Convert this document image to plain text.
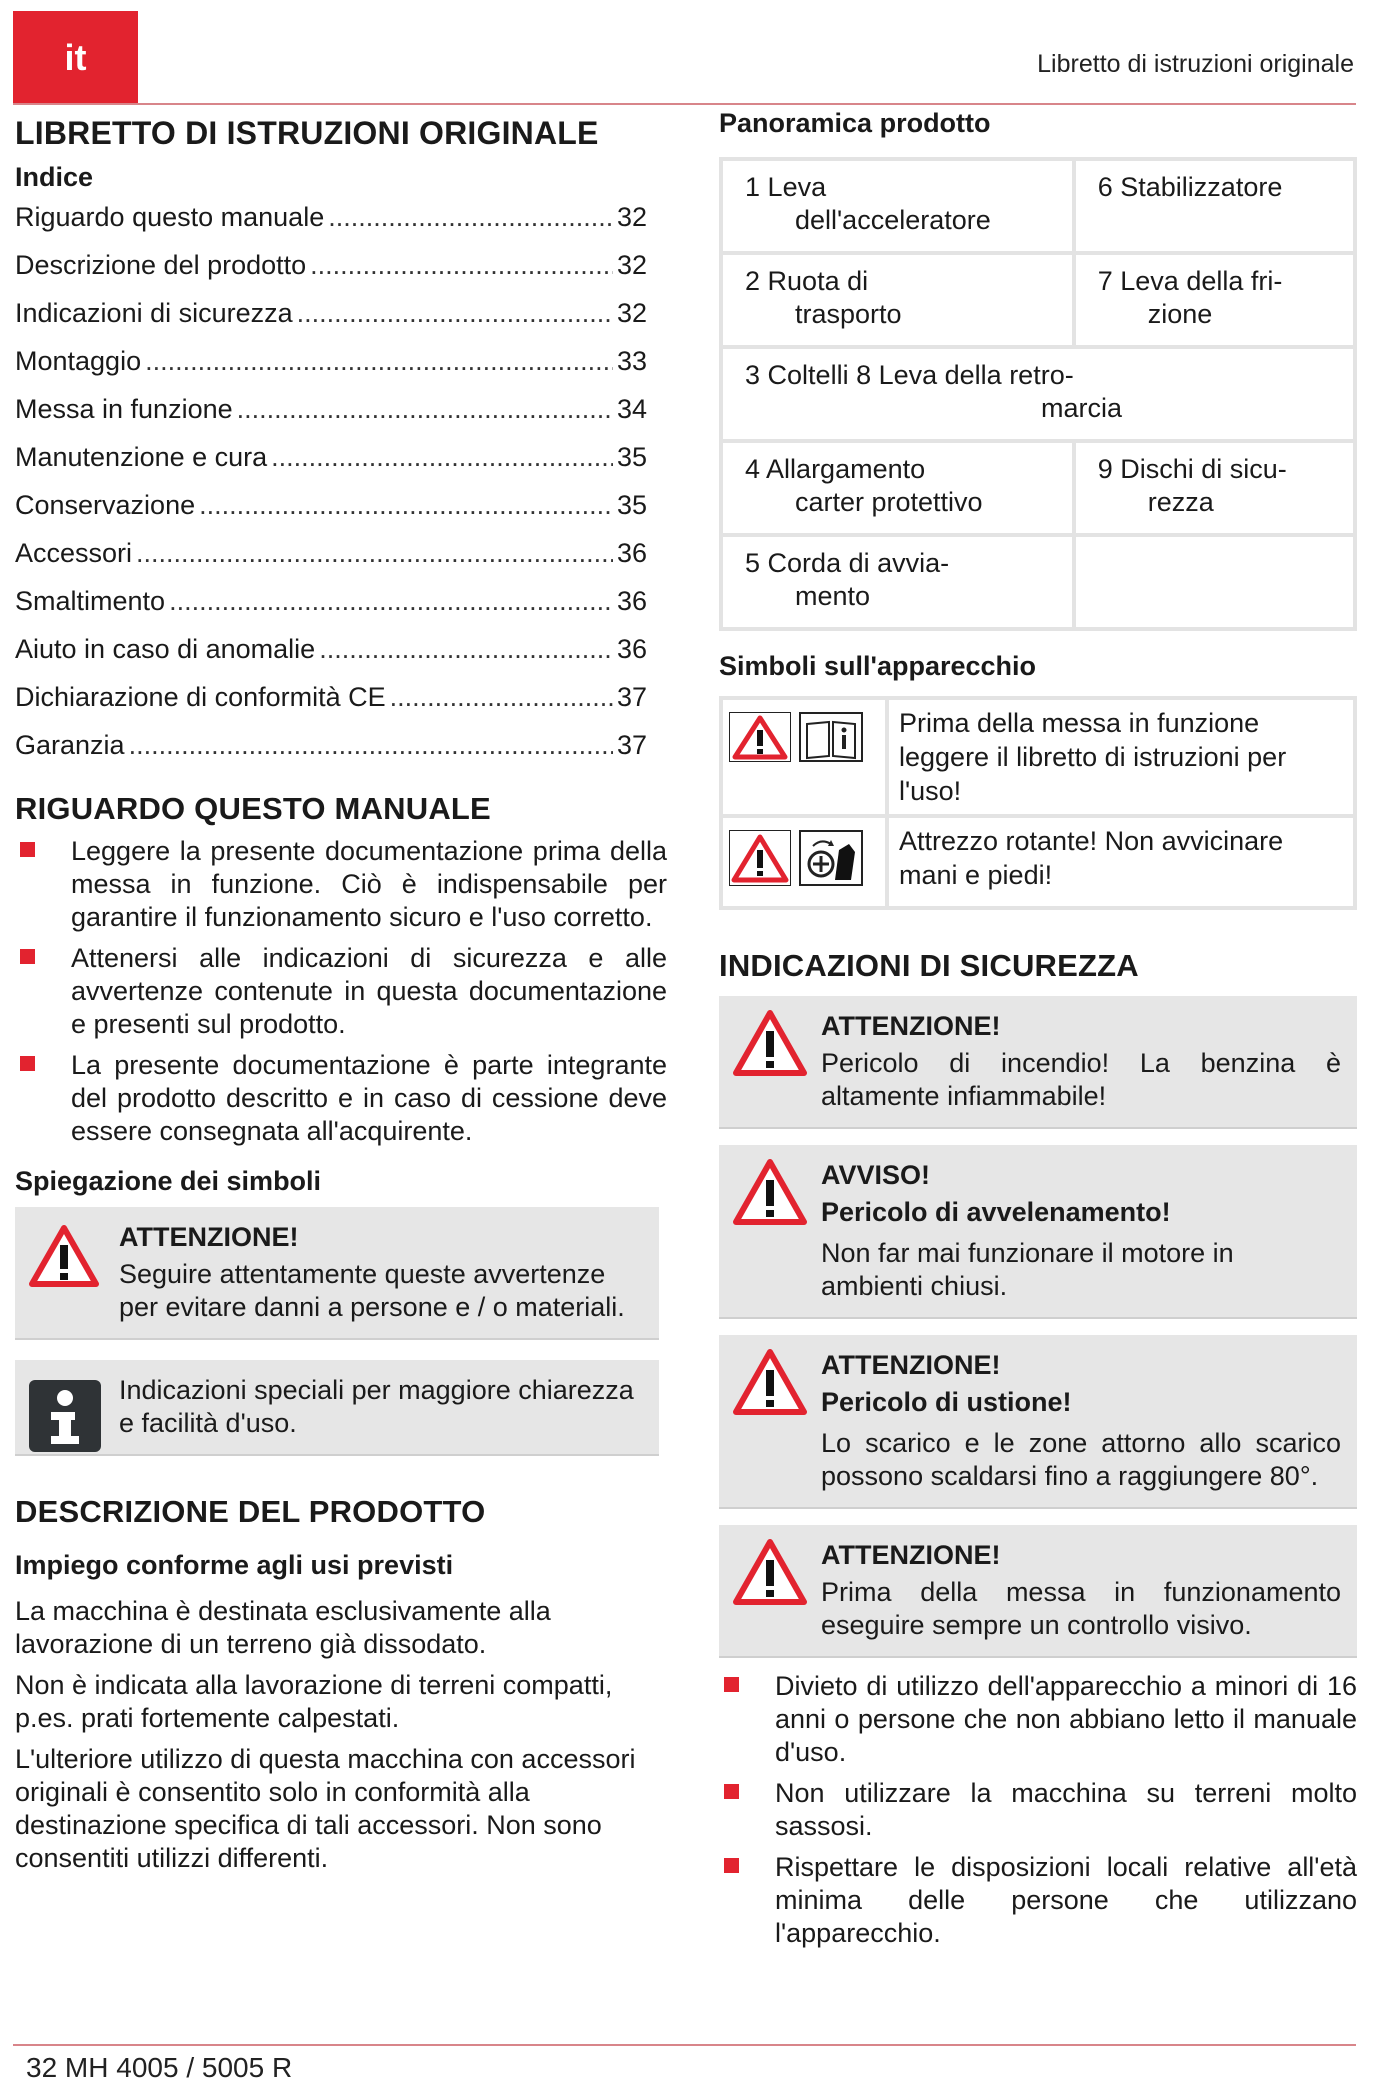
it	Libretto di istruzioni originale
LIBRETTO DI ISTRUZIONI ORIGINALE
Indice
Riguardo questo manuale .....	32
Descrizione del prodotto .....	32
Indicazioni di sicurezza .....	32
Montaggio .....	33
Messa in funzione .....	34
Manutenzione e cura .....	35
Conservazione .....	35
Accessori .....	36
Smaltimento .....	36
Aiuto in caso di anomalie .....	36
Dichiarazione di conformità CE .....	37
Garanzia .....	37
RIGUARDO QUESTO MANUALE
Leggere la presente documentazione prima della messa in funzione. Ciò è indispensabile per garantire il funzionamento sicuro e l'uso corretto.
Attenersi alle indicazioni di sicurezza e alle avvertenze contenute in questa documentazione e presenti sul prodotto.
La presente documentazione è parte integrante del prodotto descritto e in caso di cessione deve essere consegnata all'acquirente.
Spiegazione dei simboli
ATTENZIONE!
Seguire attentamente queste avvertenze per evitare danni a persone e / o materiali.
Indicazioni speciali per maggiore chiarezza e facilità d'uso.
DESCRIZIONE DEL PRODOTTO
Impiego conforme agli usi previsti

La macchina è destinata esclusivamente alla lavorazione di un terreno già dissodato.

Non è indicata alla lavorazione di terreni compatti, p.es. prati fortemente calpestati.

L'ulteriore utilizzo di questa macchina con accessori originali è consentito solo in conformità alla destinazione specifica di tali accessori. Non sono consentiti utilizzi differenti.

Panoramica prodotto
1 Leva
dell'acceleratore	6 Stabilizzatore

2 Ruota di
trasporto	7 Leva della fri-
zione

3 Coltelli 8 Leva della retro-
marcia	

4 Allargamento
carter protettivo	9 Dischi di sicu-
rezza

5 Corda di avvia-
mento	

Simboli sull'apparecchio
	Prima della messa in funzione leggere il libretto di istruzioni per l'uso!
	Attrezzo rotante! Non avvicinare mani e piedi!
INDICAZIONI DI SICUREZZA
ATTENZIONE!
Pericolo di incendio! La benzina è altamente infiammabile!
AVVISO!
Pericolo di avvelenamento!
Non far mai funzionare il motore in ambienti chiusi.
ATTENZIONE!
Pericolo di ustione!
Lo scarico e le zone attorno allo scarico possono scaldarsi fino a raggiungere 80°.
ATTENZIONE!
Prima della messa in funzionamento eseguire sempre un controllo visivo.
Divieto di utilizzo dell'apparecchio a minori di 16 anni o persone che non abbiano letto il manuale d'uso.
Non utilizzare la macchina su terreni molto sassosi.
Rispettare le disposizioni locali relative all'età minima delle persone che utilizzano l'apparecchio.
32 MH 4005 / 5005 R
